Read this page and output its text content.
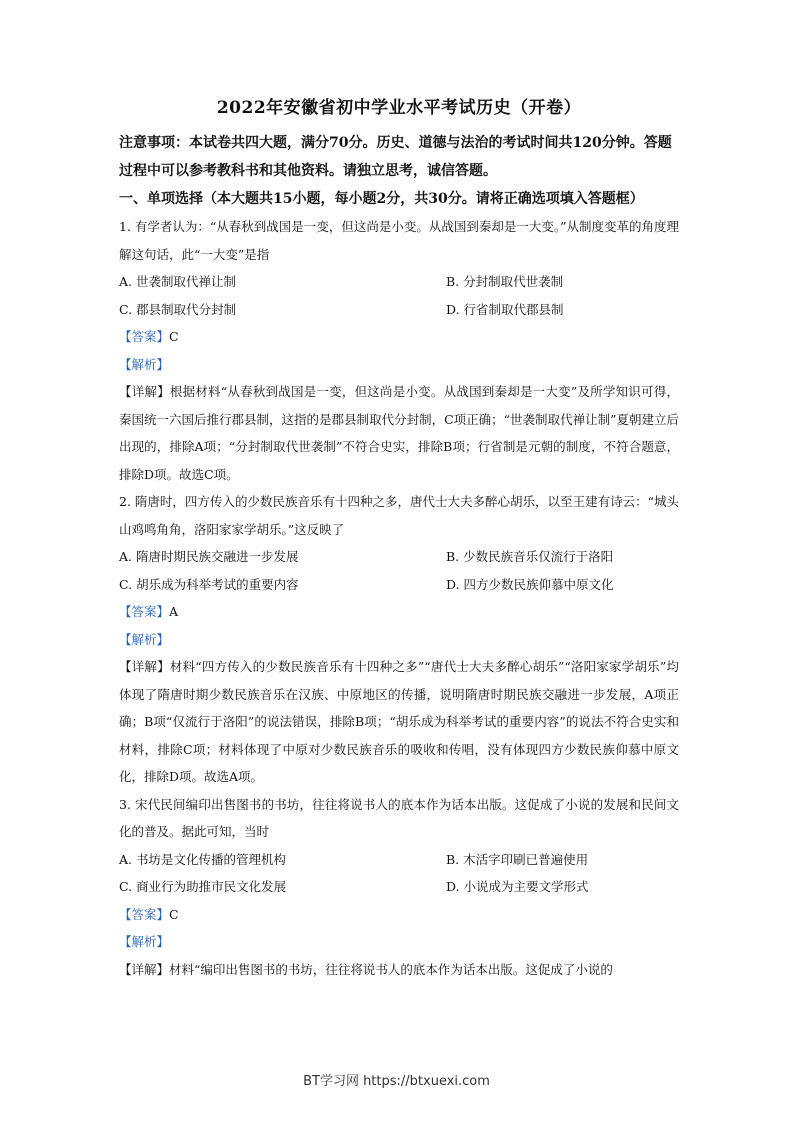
2022年安徽省初中学业水平考试历史（开卷）

注意事项：本试卷共四大题，满分70分。历史、道德与法治的考试时间共120分钟。答题过程中可以参考教科书和其他资料。请独立思考，诚信答题。

一、单项选择（本大题共15小题，每小题2分，共30分。请将正确选项填入答题框）

1. 有学者认为：“从春秋到战国是一变，但这尚是小变。从战国到秦却是一大变。”从制度变革的角度理解这句话，此“一大变”是指

A. 世袭制取代禅让制	B. 分封制取代世袭制
C. 郡县制取代分封制	D. 行省制取代郡县制

【答案】C

【解析】

【详解】根据材料“从春秋到战国是一变，但这尚是小变。从战国到秦却是一大变”及所学知识可得，秦国统一六国后推行郡县制，这指的是郡县制取代分封制，C项正确；“世袭制取代禅让制”夏朝建立后出现的，排除A项；“分封制取代世袭制”不符合史实，排除B项；行省制是元朝的制度，不符合题意，排除D项。故选C项。

2. 隋唐时，四方传入的少数民族音乐有十四种之多，唐代士大夫多醉心胡乐，以至王建有诗云：“城头山鸡鸣角角，洛阳家家学胡乐。”这反映了

A. 隋唐时期民族交融进一步发展	B. 少数民族音乐仅流行于洛阳
C. 胡乐成为科举考试的重要内容	D. 四方少数民族仰慕中原文化

【答案】A

【解析】

【详解】材料“四方传入的少数民族音乐有十四种之多”“唐代士大夫多醉心胡乐”“洛阳家家学胡乐”均体现了隋唐时期少数民族音乐在汉族、中原地区的传播，说明隋唐时期民族交融进一步发展，A项正确；B项“仅流行于洛阳”的说法错误，排除B项；“胡乐成为科举考试的重要内容”的说法不符合史实和材料，排除C项；材料体现了中原对少数民族音乐的吸收和传唱，没有体现四方少数民族仰慕中原文化，排除D项。故选A项。

3. 宋代民间编印出售图书的书坊，往往将说书人的底本作为话本出版。这促成了小说的发展和民间文化的普及。据此可知，当时

A. 书坊是文化传播的管理机构	B. 木活字印刷已普遍使用
C. 商业行为助推市民文化发展	D. 小说成为主要文学形式

【答案】C

【解析】

【详解】材料“编印出售图书的书坊，往往将说书人的底本作为话本出版。这促成了小说的

BT学习网 https://btxuexi.com
